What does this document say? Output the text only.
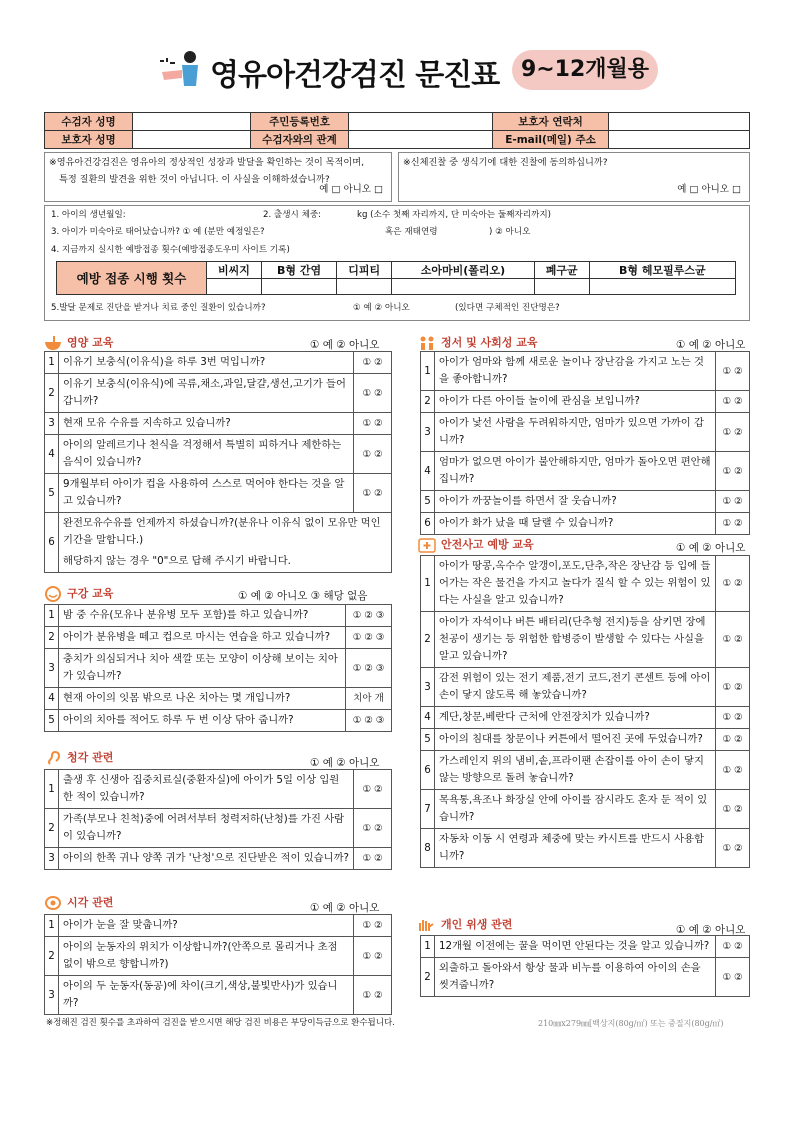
영유아건강검진 문진표 9~12개월용
수검자 성명		주민등록번호		보호자 연락처	
보호자 성명		수검자와의 관계		E-mail(메일) 주소	
※영유아건강검진은 영유아의 정상적인 성장과 발달을 확인하는 것이 목적이며,
특정 질환의 발견을 위한 것이 아닙니다. 이 사실을 이해하셨습니까?
예 □ 아니오 □
※신체진찰 중 생식기에 대한 진찰에 동의하십니까?
예 □ 아니오 □
1. 아이의 생년월일:	2. 출생시 체중:	kg (소수 첫째 자리까지, 단 미숙아는 둘째자리까지)
3. 아이가 미숙아로 태어났습니까? ① 예 (분만 예정일은?	혹은 재태연령	) ② 아니오
4. 지금까지 실시한 예방접종 횟수(예방접종도우미 사이트 기록)
5.발달 문제로 진단을 받거나 치료 중인 질환이 있습니까?	① 예 ② 아니오	(있다면 구체적인 진단명은?
예방 접종 시행 횟수	비씨지	B형 간염	디피티	소아마비(폴리오)	폐구균	B형 헤모필루스균

영양 교육	① 예 ② 아니오
구강 교육	① 예 ② 아니오 ③ 해당 없음
청각 관련	① 예 ② 아니오
시각 관련	① 예 ② 아니오
정서 및 사회성 교육	① 예 ② 아니오
안전사고 예방 교육	① 예 ② 아니오
개인 위생 관련	① 예 ② 아니오
1	이유기 보충식(이유식)을 하루 3번 먹입니까?	① ②
2	이유기 보충식(이유식)에 곡류,채소,과일,달걀,생선,고기가 들어갑니까?	① ②
3	현재 모유 수유를 지속하고 있습니까?	① ②
4	아이의 알레르기나 천식을 걱정해서 특별히 피하거나 제한하는 음식이 있습니까?	① ②
5	9개월부터 아이가 컵을 사용하여 스스로 먹어야 한다는 것을 알고 있습니까?	① ②
6	완전모유수유를 언제까지 하셨습니까?(분유나 이유식 없이 모유만 먹인 기간을 말합니다.)
해당하지 않는 경우 "0"으로 답해 주시기 바랍니다.	
1	밤 중 수유(모유나 분유병 모두 포함)를 하고 있습니까?	① ② ③
2	아이가 분유병을 떼고 컵으로 마시는 연습을 하고 있습니까?	① ② ③
3	충치가 의심되거나 치아 색깔 또는 모양이 이상해 보이는 치아가 있습니까?	① ② ③
4	현재 아이의 잇몸 밖으로 나온 치아는 몇 개입니까?	치아 개
5	아이의 치아를 적어도 하루 두 번 이상 닦아 줍니까?	① ② ③
1	출생 후 신생아 집중치료실(중환자실)에 아이가 5일 이상 입원한 적이 있습니까?	① ②
2	가족(부모나 친척)중에 어려서부터 청력저하(난청)를 가진 사람이 있습니까?	① ②
3	아이의 한쪽 귀나 양쪽 귀가 '난청'으로 진단받은 적이 있습니까?	① ②
1	아이가 눈을 잘 맞춥니까?	① ②
2	아이의 눈동자의 위치가 이상합니까?(안쪽으로 몰리거나 초점 없이 밖으로 향합니까?)	① ②
3	아이의 두 눈동자(동공)에 차이(크기,색상,불빛반사)가 있습니까?	① ②
1	아이가 엄마와 함께 새로운 놀이나 장난감을 가지고 노는 것을 좋아합니까?	① ②
2	아이가 다른 아이들 놀이에 관심을 보입니까?	① ②
3	아이가 낯선 사람을 두려워하지만, 엄마가 있으면 가까이 갑니까?	① ②
4	엄마가 없으면 아이가 불안해하지만, 엄마가 돌아오면 편안해집니까?	① ②
5	아이가 까꿍놀이를 하면서 잘 웃습니까?	① ②
6	아이가 화가 났을 때 달랠 수 있습니까?	① ②
1	아이가 땅콩,옥수수 알갱이,포도,단추,작은 장난감 등 입에 들어가는 작은 물건을 가지고 놀다가 질식 할 수 있는 위험이 있다는 사실을 알고 있습니까?	① ②
2	아이가 자석이나 버튼 배터리(단추형 전지)등을 삼키면 장에 천공이 생기는 등 위험한 합병증이 발생할 수 있다는 사실을 알고 있습니까?	① ②
3	감전 위험이 있는 전기 제품,전기 코드,전기 콘센트 등에 아이 손이 닿지 않도록 해 놓았습니까?	① ②
4	계단,창문,베란다 근처에 안전장치가 있습니까?	① ②
5	아이의 침대를 창문이나 커튼에서 떨어진 곳에 두었습니까?	① ②
6	가스레인지 위의 냄비,솥,프라이팬 손잡이를 아이 손이 닿지 않는 방향으로 돌려 놓습니까?	① ②
7	목욕통,욕조나 화장실 안에 아이를 잠시라도 혼자 둔 적이 있습니까?	① ②
8	자동차 이동 시 연령과 체중에 맞는 카시트를 반드시 사용합니까?	① ②
1	12개월 이전에는 꿀을 먹이면 안된다는 것을 알고 있습니까?	① ②
2	외출하고 돌아와서 항상 물과 비누를 이용하여 아이의 손을 씻겨줍니까?	① ②
※정해진 검진 횟수를 초과하여 검진을 받으시면 해당 검진 비용은 부당이득금으로 환수됩니다.	210㎜x279㎜[백상지(80g/㎡) 또는 중질지(80g/㎡)
